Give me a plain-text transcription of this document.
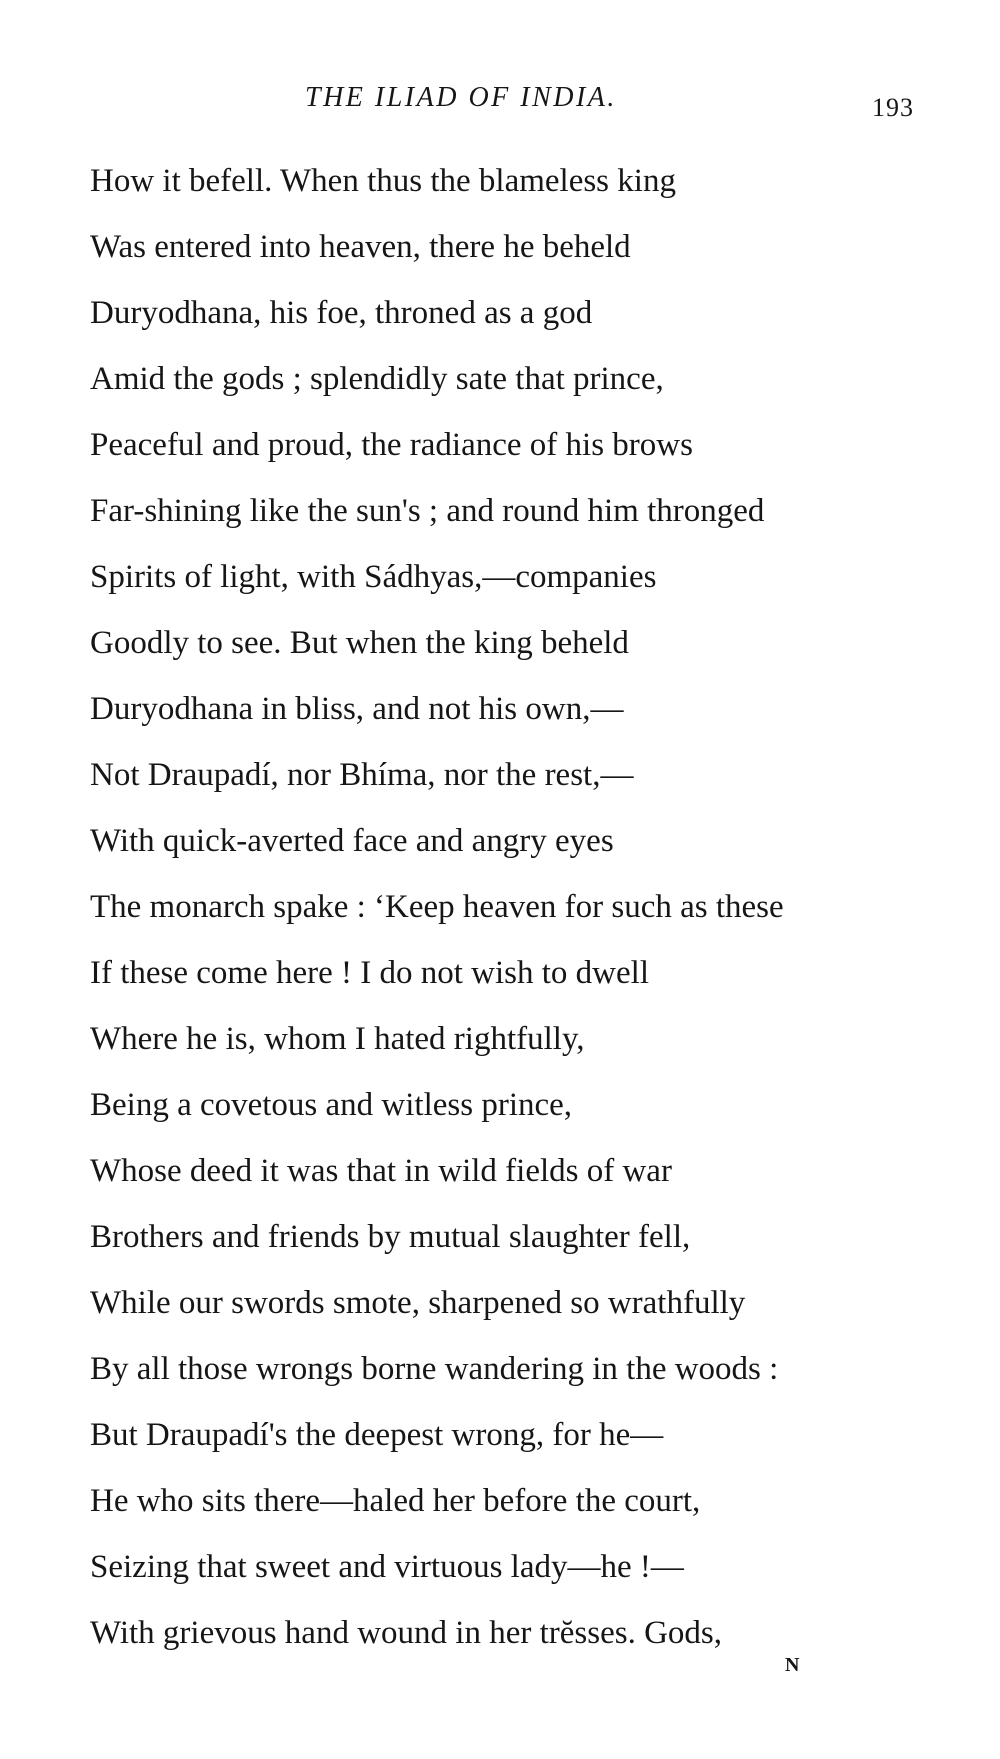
THE ILIAD OF INDIA.	193
How it befell. When thus the blameless king
Was entered into heaven, there he beheld
Duryodhana, his foe, throned as a god
Amid the gods ; splendidly sate that prince,
Peaceful and proud, the radiance of his brows
Far-shining like the sun's ; and round him thronged
Spirits of light, with Sádhyas,—companies
Goodly to see. But when the king beheld
Duryodhana in bliss, and not his own,—
Not Draupadí, nor Bhíma, nor the rest,—
With quick-averted face and angry eyes
The monarch spake : ‘Keep heaven for such as these
If these come here ! I do not wish to dwell
Where he is, whom I hated rightfully,
Being a covetous and witless prince,
Whose deed it was that in wild fields of war
Brothers and friends by mutual slaughter fell,
While our swords smote, sharpened so wrathfully
By all those wrongs borne wandering in the woods :
But Draupadí's the deepest wrong, for he—
He who sits there—haled her before the court,
Seizing that sweet and virtuous lady—he !—
With grievous hand wound in her trĕsses. Gods,
N
